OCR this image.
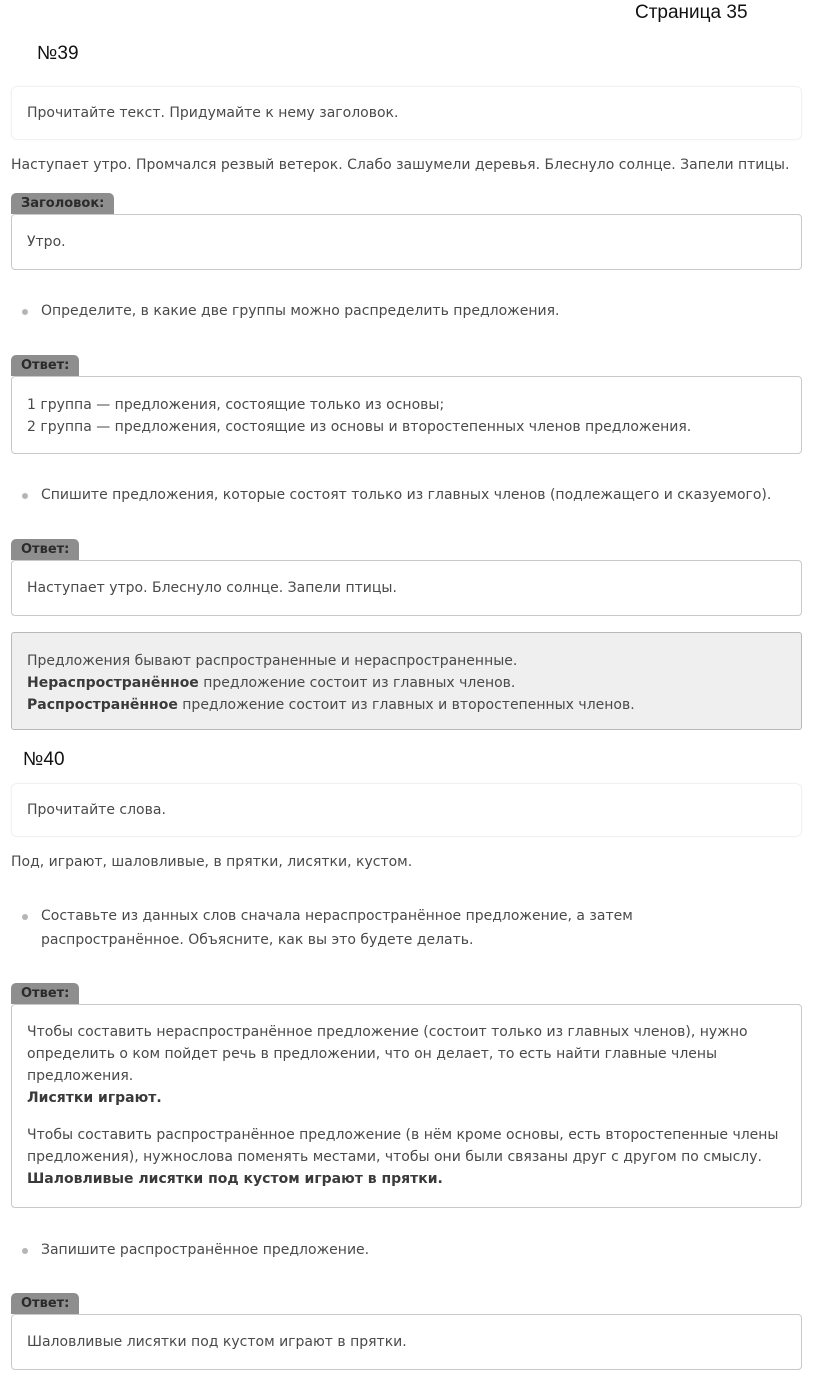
Страница 35
№39
Прочитайте текст. Придумайте к нему заголовок.
Наступает утро. Промчался резвый ветерок. Слабо зашумели деревья. Блеснуло солнце. Запели птицы.
Заголовок:
Утро.
Определите, в какие две группы можно распределить предложения.
Ответ:
1 группа — предложения, состоящие только из основы;
2 группа — предложения, состоящие из основы и второстепенных членов предложения.
Спишите предложения, которые состоят только из главных членов (подлежащего и сказуемого).
Ответ:
Наступает утро. Блеснуло солнце. Запели птицы.
Предложения бывают распространенные и нераспространенные.
Нераспространённое предложение состоит из главных членов.
Распространённое предложение состоит из главных и второстепенных членов.
№40
Прочитайте слова.
Под, играют, шаловливые, в прятки, лисятки, кустом.
Составьте из данных слов сначала нераспространённое предложение, а затем
распространённое. Объясните, как вы это будете делать.
Ответ:

Чтобы составить нераспространённое предложение (состоит только из главных членов), нужно определить о ком пойдет речь в предложении, что он делает, то есть найти главные члены предложения.
Лисятки играют.

Чтобы составить распространённое предложение (в нём кроме основы, есть второстепенные члены предложения), нужнослова поменять местами, чтобы они были связаны друг с другом по смыслу.
Шаловливые лисятки под кустом играют в прятки.

Запишите распространённое предложение.
Ответ:
Шаловливые лисятки под кустом играют в прятки.
